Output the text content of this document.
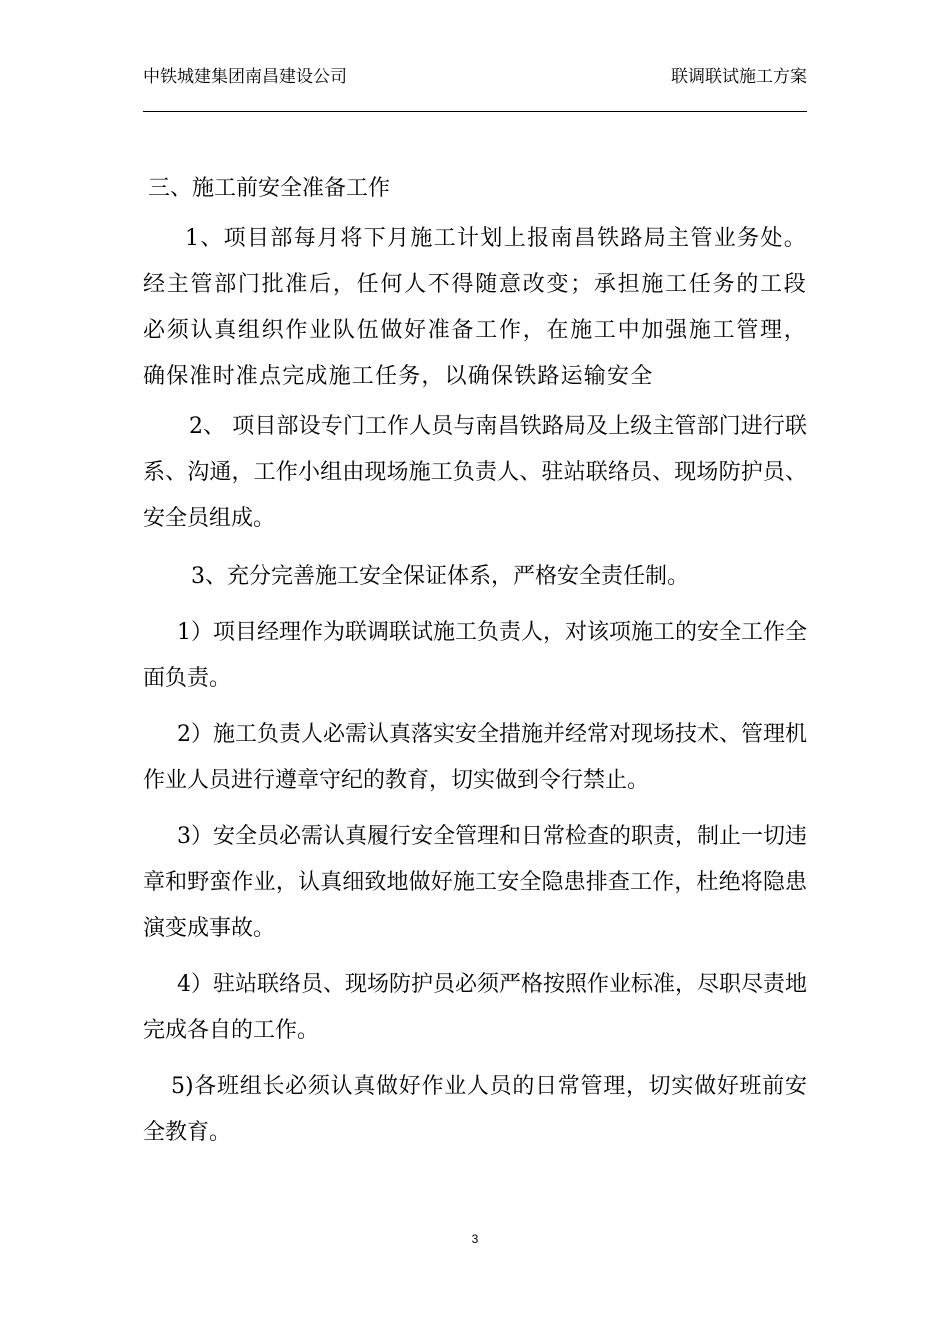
中铁城建集团南昌建设公司	联调联试施工方案

三、施工前安全准备工作

1、项目部每月将下月施工计划上报南昌铁路局主管业务处。经主管部门批准后，任何人不得随意改变；承担施工任务的工段必须认真组织作业队伍做好准备工作，在施工中加强施工管理，确保准时准点完成施工任务，以确保铁路运输安全

2、 项目部设专门工作人员与南昌铁路局及上级主管部门进行联系、沟通，工作小组由现场施工负责人、驻站联络员、现场防护员、安全员组成。

3、充分完善施工安全保证体系，严格安全责任制。

1）项目经理作为联调联试施工负责人，对该项施工的安全工作全面负责。

2）施工负责人必需认真落实安全措施并经常对现场技术、管理机作业人员进行遵章守纪的教育，切实做到令行禁止。

3）安全员必需认真履行安全管理和日常检查的职责，制止一切违章和野蛮作业，认真细致地做好施工安全隐患排查工作，杜绝将隐患演变成事故。

4）驻站联络员、现场防护员必须严格按照作业标准，尽职尽责地完成各自的工作。

5)各班组长必须认真做好作业人员的日常管理，切实做好班前安全教育。

3
